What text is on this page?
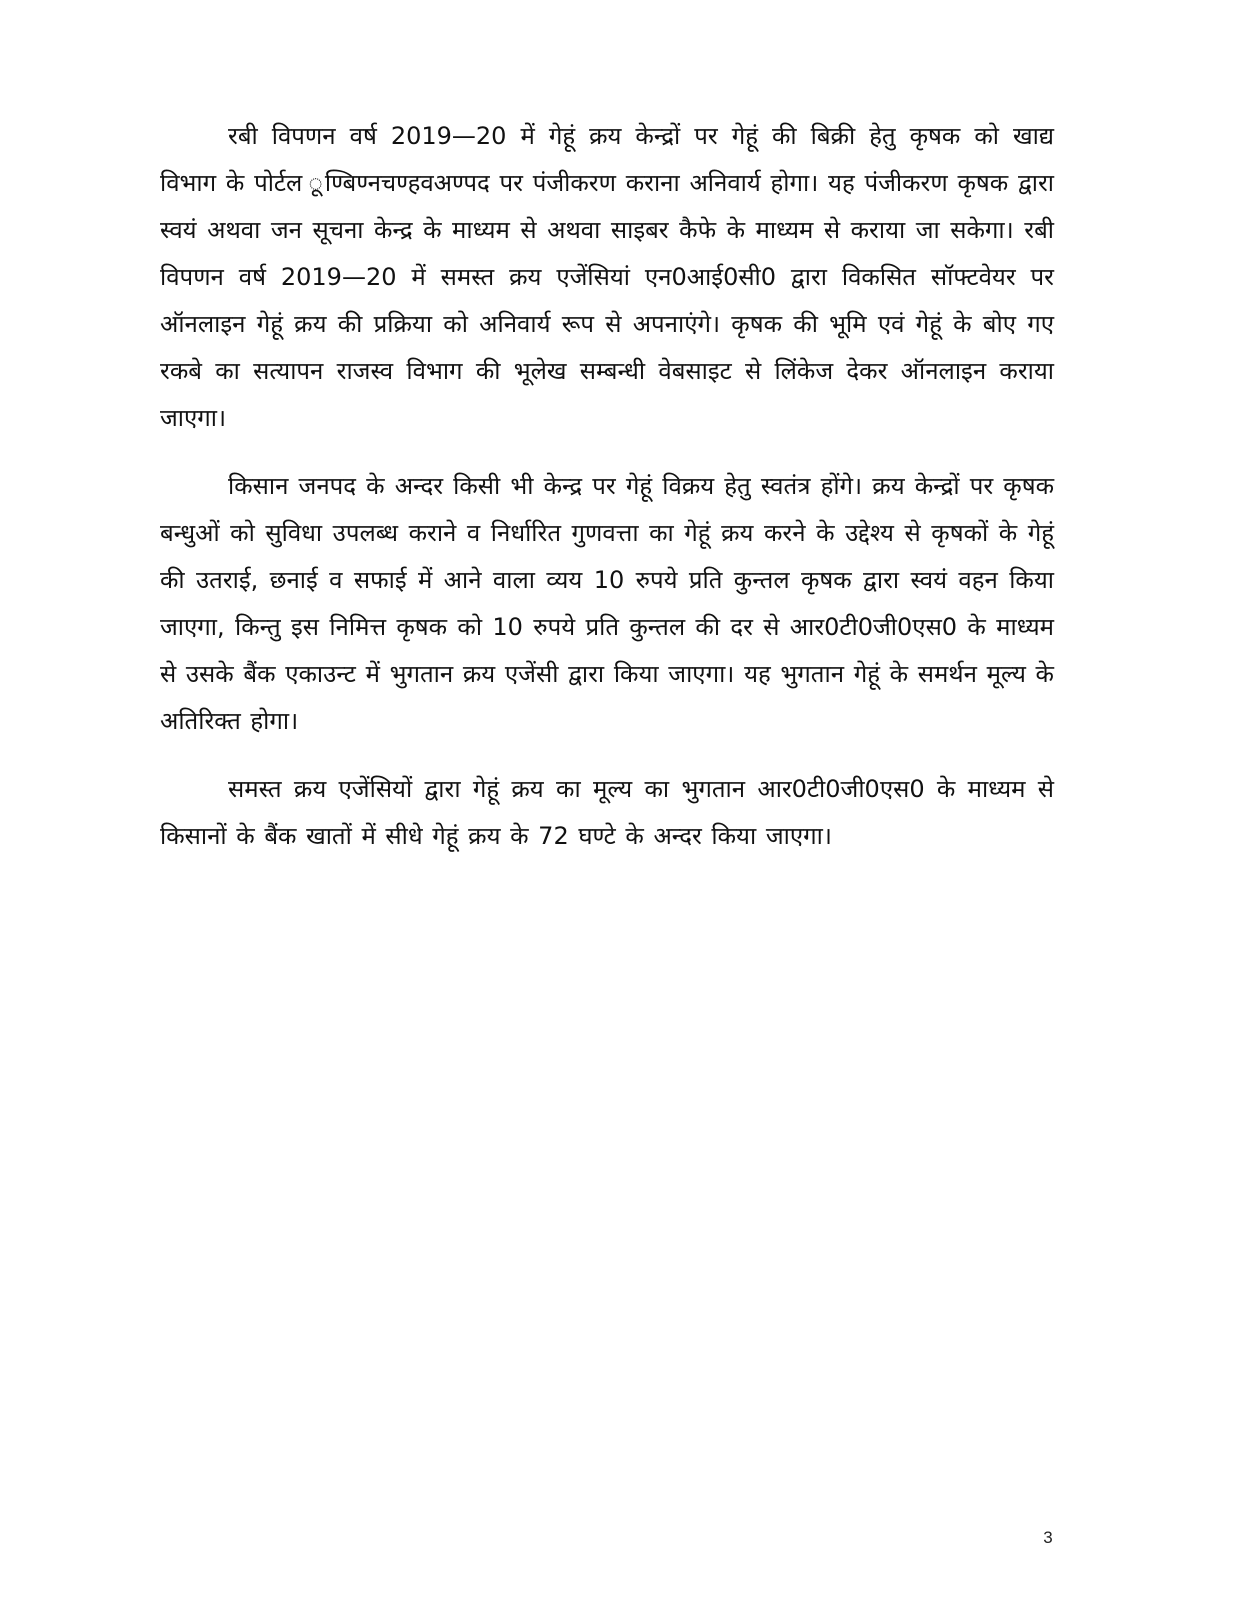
रबी विपणन वर्ष 2019—20 में गेहूं क्रय केन्द्रों पर गेहूं की बिक्री हेतु कृषक को खाद्य विभाग के पोर्टल ूण्बिण्नचण्हवअण्पद पर पंजीकरण कराना अनिवार्य होगा। यह पंजीकरण कृषक द्वारा स्वयं अथवा जन सूचना केन्द्र के माध्यम से अथवा साइबर कैफे के माध्यम से कराया जा सकेगा। रबी विपणन वर्ष 2019—20 में समस्त क्रय एजेंसियां एन0आई0सी0 द्वारा विकसित सॉफ्टवेयर पर ऑनलाइन गेहूं क्रय की प्रक्रिया को अनिवार्य रूप से अपनाएंगे। कृषक की भूमि एवं गेहूं के बोए गए रकबे का सत्यापन राजस्व विभाग की भूलेख सम्बन्धी वेबसाइट से लिंकेज देकर ऑनलाइन कराया जाएगा।

किसान जनपद के अन्दर किसी भी केन्द्र पर गेहूं विक्रय हेतु स्वतंत्र होंगे। क्रय केन्द्रों पर कृषक बन्धुओं को सुविधा उपलब्ध कराने व निर्धारित गुणवत्ता का गेहूं क्रय करने के उद्देश्य से कृषकों के गेहूं की उतराई, छनाई व सफाई में आने वाला व्यय 10 रुपये प्रति कुन्तल कृषक द्वारा स्वयं वहन किया जाएगा, किन्तु इस निमित्त कृषक को 10 रुपये प्रति कुन्तल की दर से आर0टी0जी0एस0 के माध्यम से उसके बैंक एकाउन्ट में भुगतान क्रय एजेंसी द्वारा किया जाएगा। यह भुगतान गेहूं के समर्थन मूल्य के अतिरिक्त होगा।

समस्त क्रय एजेंसियों द्वारा गेहूं क्रय का मूल्य का भुगतान आर0टी0जी0एस0 के माध्यम से किसानों के बैंक खातों में सीधे गेहूं क्रय के 72 घण्टे के अन्दर किया जाएगा।

3
